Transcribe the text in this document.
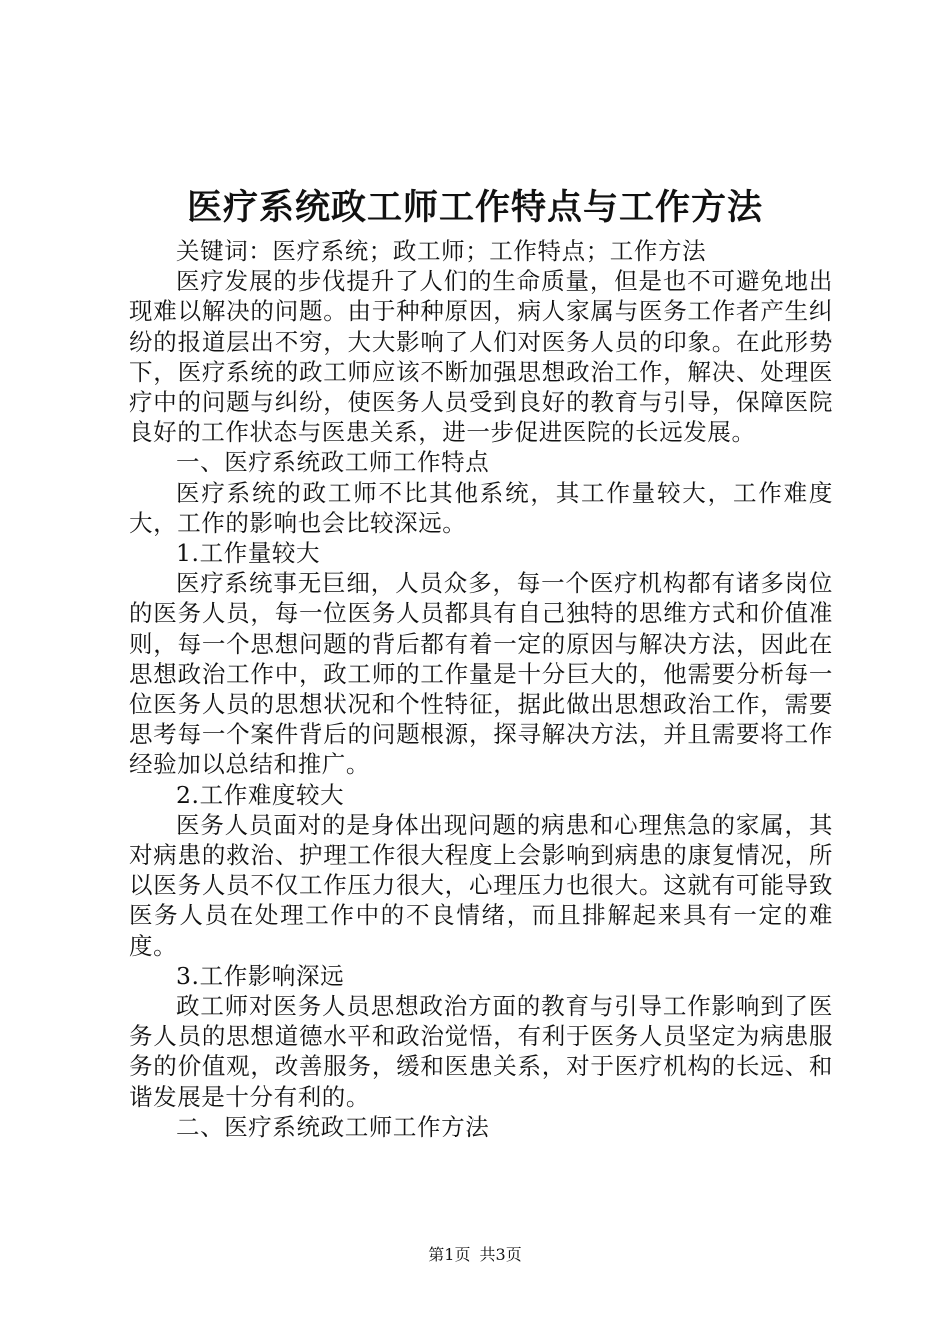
医疗系统政工师工作特点与工作方法

关键词：医疗系统；政工师；工作特点；工作方法

医疗发展的步伐提升了人们的生命质量，但是也不可避免地出现难以解决的问题。由于种种原因，病人家属与医务工作者产生纠纷的报道层出不穷，大大影响了人们对医务人员的印象。在此形势下，医疗系统的政工师应该不断加强思想政治工作，解决、处理医疗中的问题与纠纷，使医务人员受到良好的教育与引导，保障医院良好的工作状态与医患关系，进一步促进医院的长远发展。

一、医疗系统政工师工作特点

医疗系统的政工师不比其他系统，其工作量较大，工作难度大，工作的影响也会比较深远。

1.工作量较大

医疗系统事无巨细，人员众多，每一个医疗机构都有诸多岗位的医务人员，每一位医务人员都具有自己独特的思维方式和价值准则，每一个思想问题的背后都有着一定的原因与解决方法，因此在思想政治工作中，政工师的工作量是十分巨大的，他需要分析每一位医务人员的思想状况和个性特征，据此做出思想政治工作，需要思考每一个案件背后的问题根源，探寻解决方法，并且需要将工作经验加以总结和推广。

2.工作难度较大

医务人员面对的是身体出现问题的病患和心理焦急的家属，其对病患的救治、护理工作很大程度上会影响到病患的康复情况，所以医务人员不仅工作压力很大，心理压力也很大。这就有可能导致医务人员在处理工作中的不良情绪，而且排解起来具有一定的难度。

3.工作影响深远

政工师对医务人员思想政治方面的教育与引导工作影响到了医务人员的思想道德水平和政治觉悟，有利于医务人员坚定为病患服务的价值观，改善服务，缓和医患关系，对于医疗机构的长远、和谐发展是十分有利的。

二、医疗系统政工师工作方法

第1页 共3页
